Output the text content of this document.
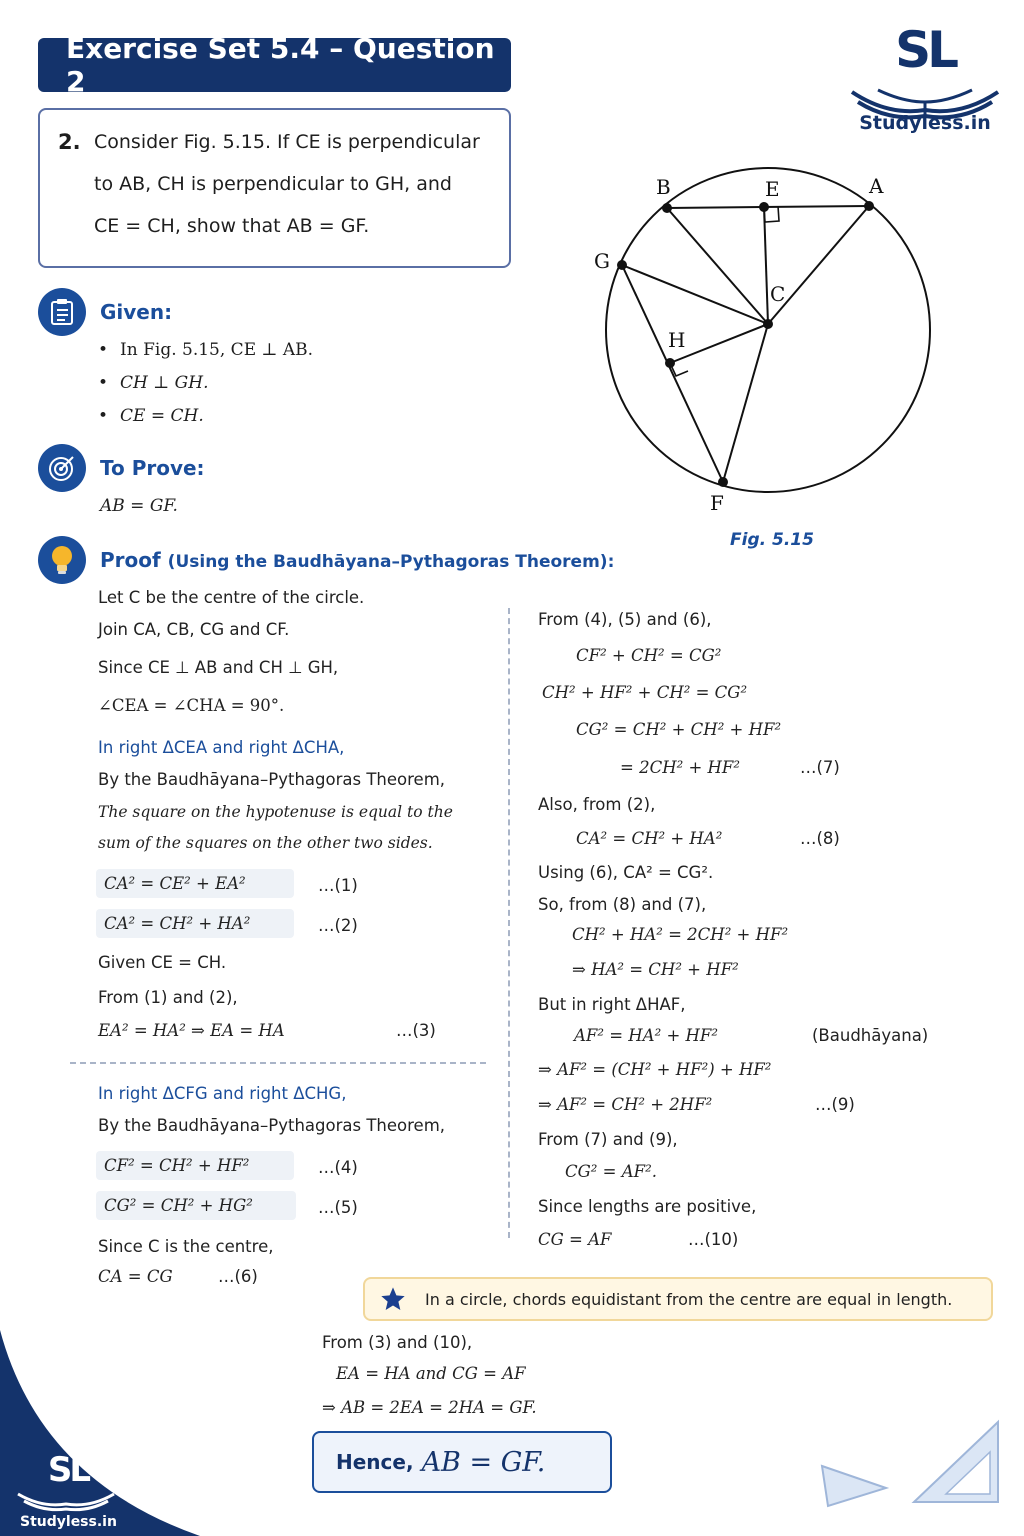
Exercise Set 5.4 – Question 2
SL
Studyless.in
2. Consider Fig. 5.15. If CE is perpendicular
to AB, CH is perpendicular to GH, and
CE = CH, show that AB = GF.
Given:
• In Fig. 5.15, CE ⊥ AB.
• CH ⊥ GH.
• CE = CH.
To Prove:
AB = GF.
Proof (Using the Baudhāyana–Pythagoras Theorem):
Let C be the centre of the circle.
Join CA, CB, CG and CF.
Since CE ⊥ AB and CH ⊥ GH,
∠CEA = ∠CHA = 90°.
In right ΔCEA and right ΔCHA,
By the Baudhāyana–Pythagoras Theorem,
The square on the hypotenuse is equal to the
sum of the squares on the other two sides.
CA² = CE² + EA²	…(1)
CA² = CH² + HA²	…(2)
Given CE = CH.
From (1) and (2),
EA² = HA² ⇒ EA = HA	…(3)
In right ΔCFG and right ΔCHG,
By the Baudhāyana–Pythagoras Theorem,
CF² = CH² + HF²	…(4)
CG² = CH² + HG²	…(5)
Since C is the centre,
CA = CG	…(6)
From (4), (5) and (6),
CF² + CH² = CG²
CH² + HF² + CH² = CG²
CG² = CH² + CH² + HF²
= 2CH² + HF²	…(7)
Also, from (2),
CA² = CH² + HA²	…(8)
Using (6), CA² = CG².
So, from (8) and (7),
CH² + HA² = 2CH² + HF²
⇒ HA² = CH² + HF²
But in right ΔHAF,
AF² = HA² + HF²	(Baudhāyana)
⇒ AF² = (CH² + HF²) + HF²
⇒ AF² = CH² + 2HF²	…(9)
From (7) and (9),
CG² = AF².
Since lengths are positive,
CG = AF	…(10)
In a circle, chords equidistant from the centre are equal in length.
From (3) and (10),
EA = HA and CG = AF
⇒ AB = 2EA = 2HA = GF.
Hence, AB = GF.
B	E	A
G
C
H
F
Fig. 5.15
SL
Studyless.in
